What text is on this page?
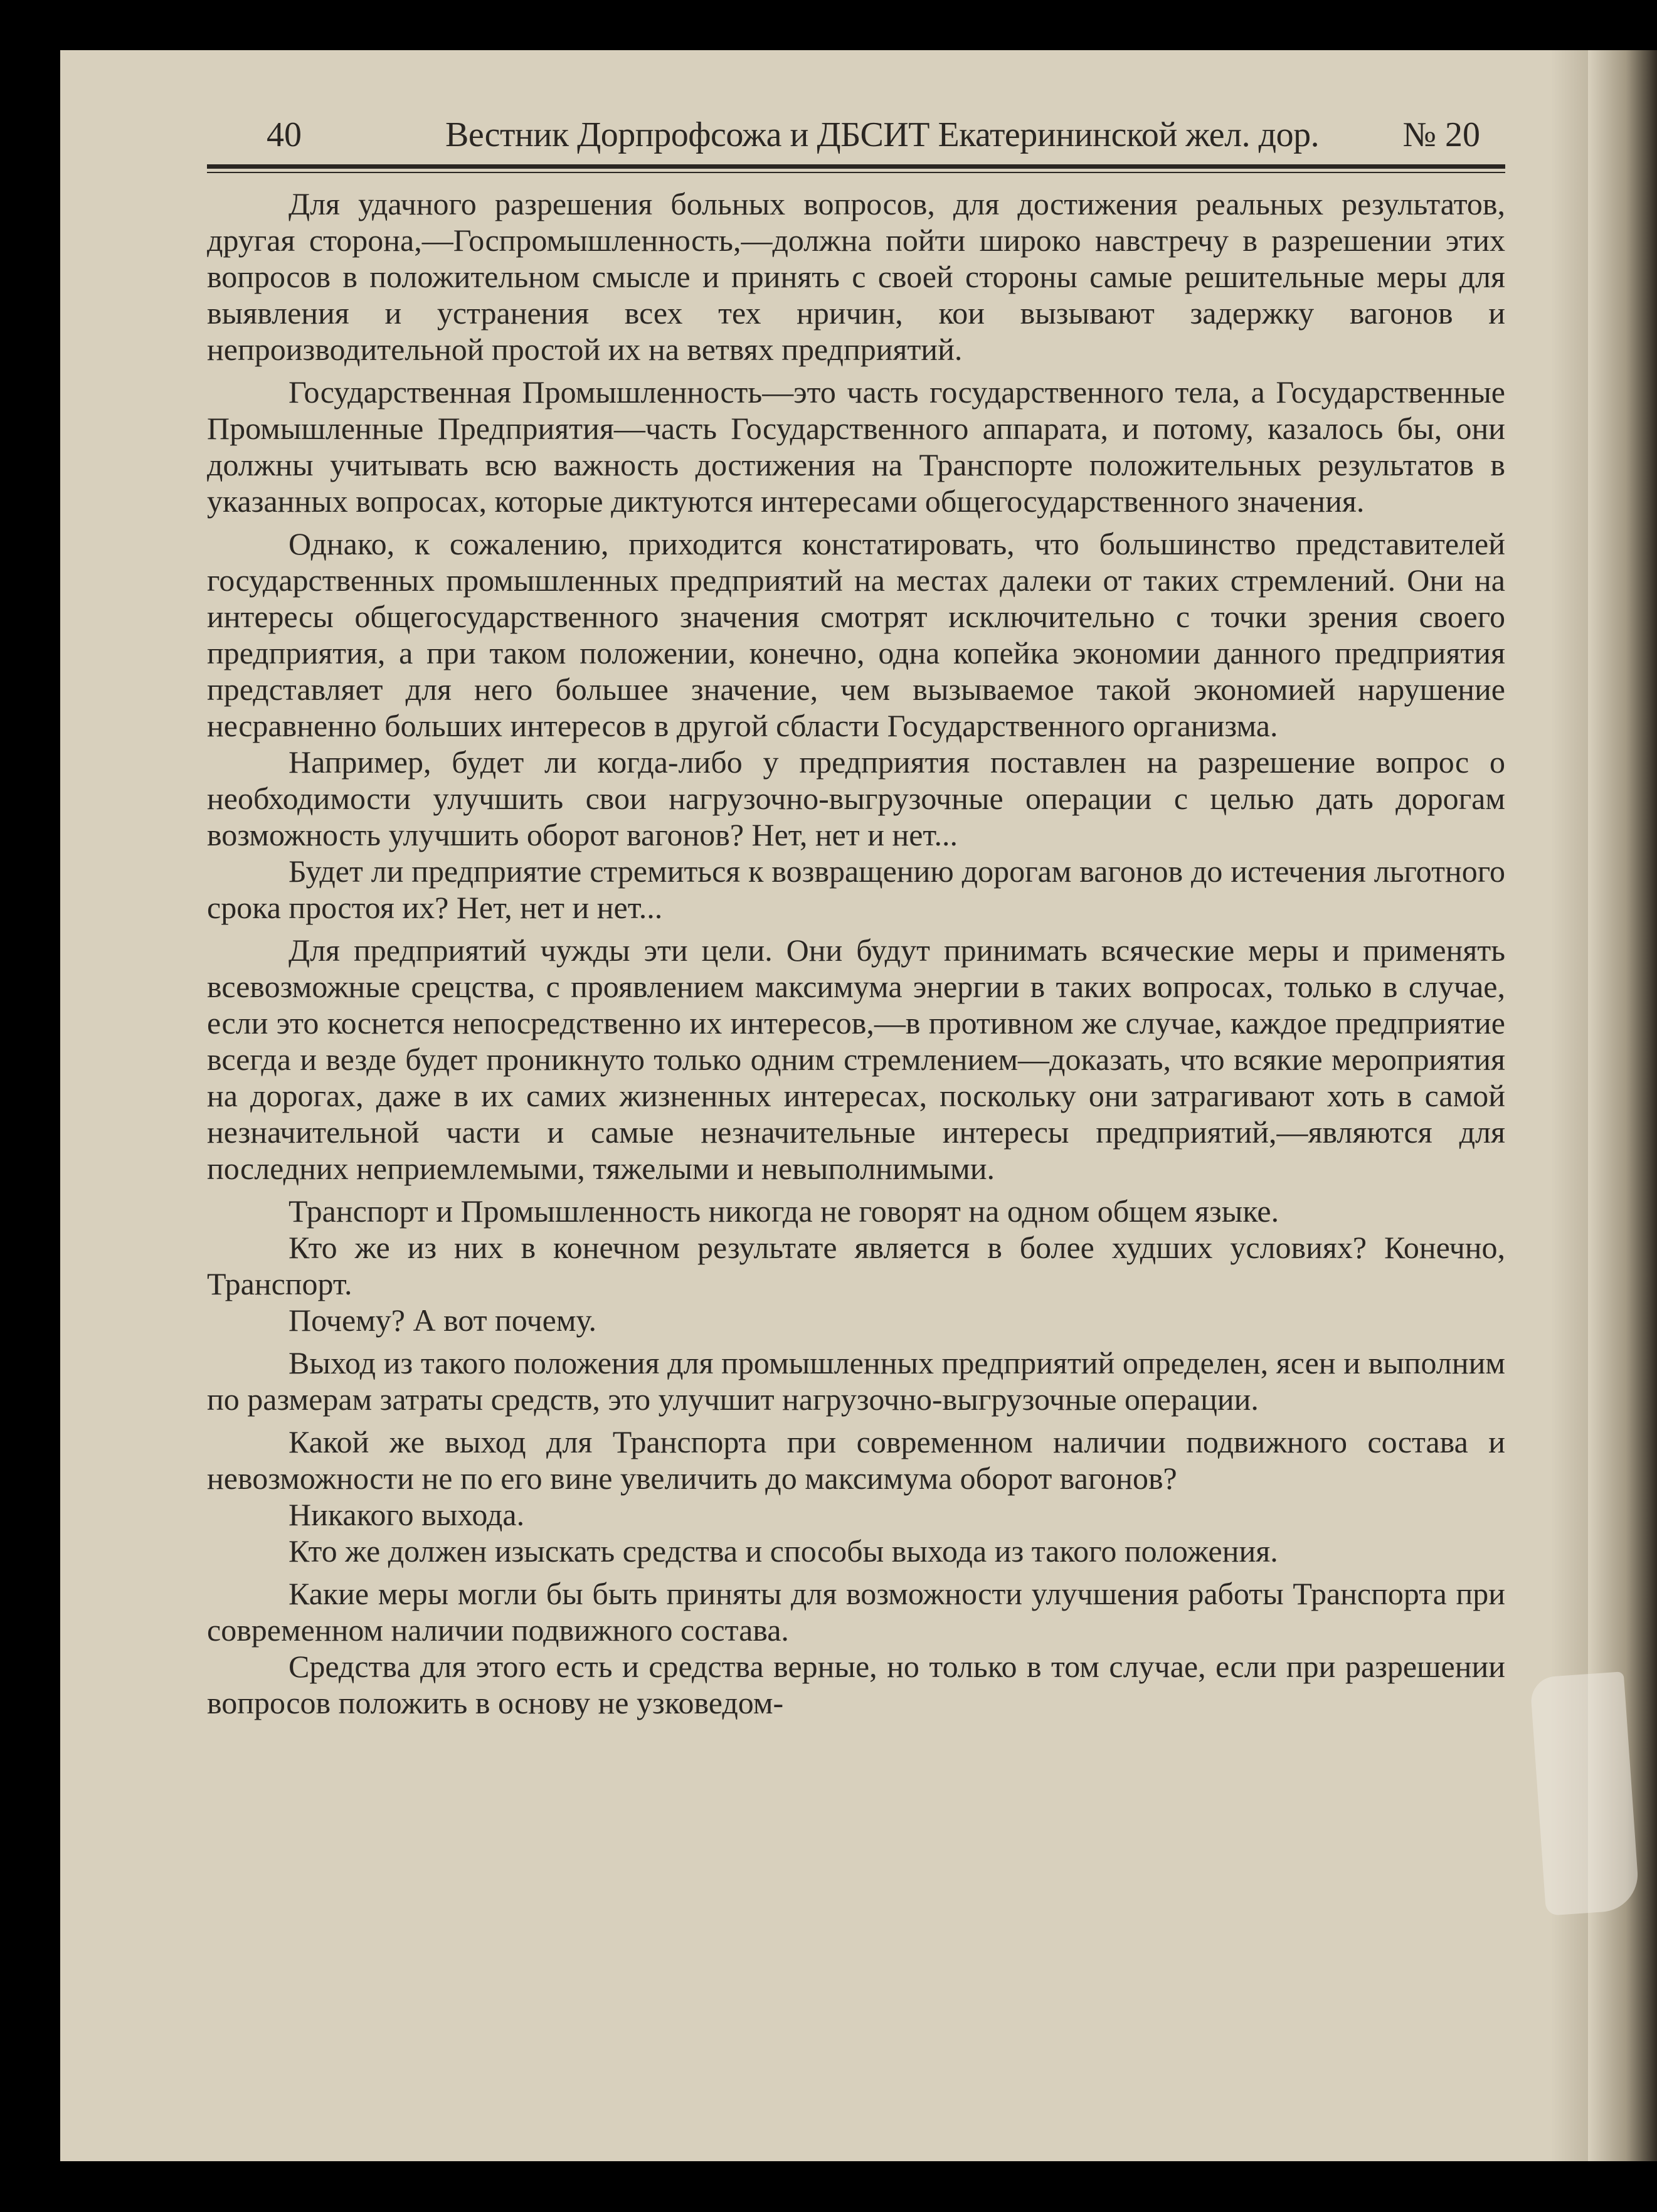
40	Вестник Дорпрофсожа и ДБСИТ Екатерининской жел. дор. № 20

Для удачного разрешения больных вопросов, для достижения реальных результатов, другая сторона,—Госпромышленность,—должна пойти широко навстречу в разрешении этих вопросов в положительном смысле и принять с своей стороны самые решительные меры для выявления и устранения всех тех нричин, кои вызывают задержку вагонов и непроизводительной простой их на ветвях предприятий.

Государственная Промышленность—это часть государственного тела, а Государственные Промышленные Предприятия—часть Государственного аппарата, и потому, казалось бы, они должны учитывать всю важность достижения на Транспорте положительных результатов в указанных вопросах, которые диктуются интересами общегосударственного значения.

Однако, к сожалению, приходится констатировать, что большинство представителей государственных промышленных предприятий на местах далеки от таких стремлений. Они на интересы общегосударственного значения смотрят исключительно с точки зрения своего предприятия, а при таком положении, конечно, одна копейка экономии данного предприятия представляет для него большее значение, чем вызываемое такой экономией нарушение несравненно больших интересов в другой сбласти Государственного организма.

Например, будет ли когда-либо у предприятия поставлен на разрешение вопрос о необходимости улучшить свои нагрузочно-выгрузочные операции с целью дать дорогам возможность улучшить оборот вагонов? Нет, нет и нет...

Будет ли предприятие стремиться к возвращению дорогам вагонов до истечения льготного срока простоя их? Нет, нет и нет...

Для предприятий чужды эти цели. Они будут принимать всяческие меры и применять всевозможные срецства, с проявлением максимума энергии в таких вопросах, только в случае, если это коснется непосредственно их интересов,—в противном же случае, каждое предприятие всегда и везде будет проникнуто только одним стремлением—доказать, что всякие мероприятия на дорогах, даже в их самих жизненных интересах, поскольку они затрагивают хоть в самой незначительной части и самые незначительные интересы предприятий,—являются для последних неприемлемыми, тяжелыми и невыполнимыми.

Транспорт и Промышленность никогда не говорят на одном общем языке.

Кто же из них в конечном результате является в более худших условиях? Конечно, Транспорт.

Почему? А вот почему.

Выход из такого положения для промышленных предприятий определен, ясен и выполним по размерам затраты средств, это улучшит нагрузочно-выгрузочные операции.

Какой же выход для Транспорта при современном наличии подвижного состава и невозможности не по его вине увеличить до максимума оборот вагонов?

Никакого выхода.

Кто же должен изыскать средства и способы выхода из такого положения.

Какие меры могли бы быть приняты для возможности улучшения работы Транспорта при современном наличии подвижного состава.

Средства для этого есть и средства верные, но только в том случае, если при разрешении вопросов положить в основу не узковедом-
